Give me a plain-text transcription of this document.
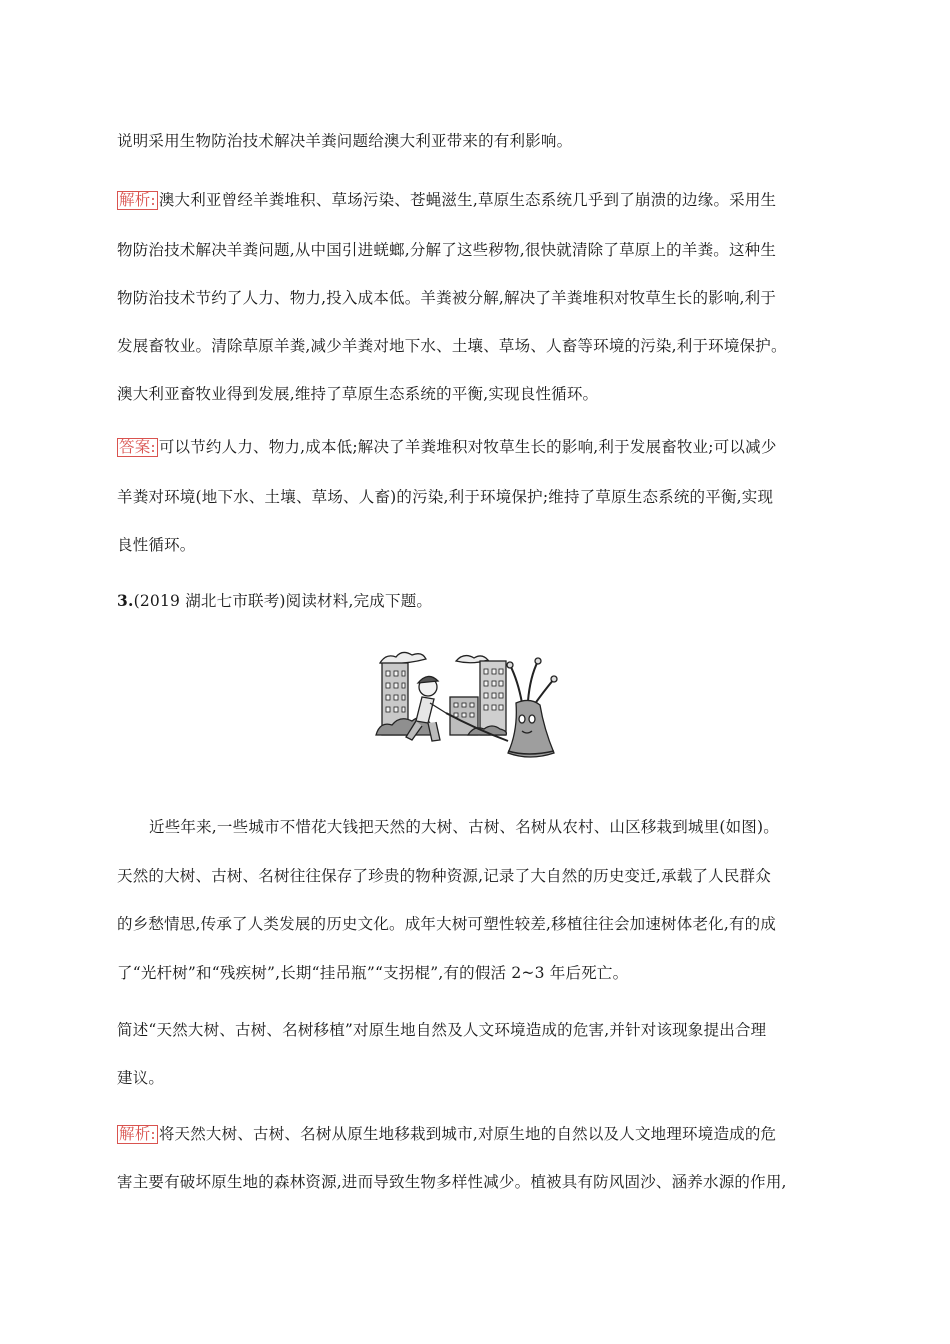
说明采用生物防治技术解决羊粪问题给澳大利亚带来的有利影响。
解析: 澳大利亚曾经羊粪堆积、草场污染、苍蝇滋生,草原生态系统几乎到了崩溃的边缘。采用生
物防治技术解决羊粪问题,从中国引进蜣螂,分解了这些秽物,很快就清除了草原上的羊粪。这种生
物防治技术节约了人力、物力,投入成本低。羊粪被分解,解决了羊粪堆积对牧草生长的影响,利于
发展畜牧业。清除草原羊粪,减少羊粪对地下水、土壤、草场、人畜等环境的污染,利于环境保护。
澳大利亚畜牧业得到发展,维持了草原生态系统的平衡,实现良性循环。
答案: 可以节约人力、物力,成本低;解决了羊粪堆积对牧草生长的影响,利于发展畜牧业;可以减少
羊粪对环境(地下水、土壤、草场、人畜)的污染,利于环境保护;维持了草原生态系统的平衡,实现
良性循环。
3.(2019 湖北七市联考)阅读材料,完成下题。
近些年来,一些城市不惜花大钱把天然的大树、古树、名树从农村、山区移栽到城里(如图)。
天然的大树、古树、名树往往保存了珍贵的物种资源,记录了大自然的历史变迁,承载了人民群众
的乡愁情思,传承了人类发展的历史文化。成年大树可塑性较差,移植往往会加速树体老化,有的成
了“光杆树”和“残疾树”,长期“挂吊瓶”“支拐棍”,有的假活 2~3 年后死亡。
简述“天然大树、古树、名树移植”对原生地自然及人文环境造成的危害,并针对该现象提出合理
建议。
解析: 将天然大树、古树、名树从原生地移栽到城市,对原生地的自然以及人文地理环境造成的危
害主要有破坏原生地的森林资源,进而导致生物多样性减少。植被具有防风固沙、涵养水源的作用,
